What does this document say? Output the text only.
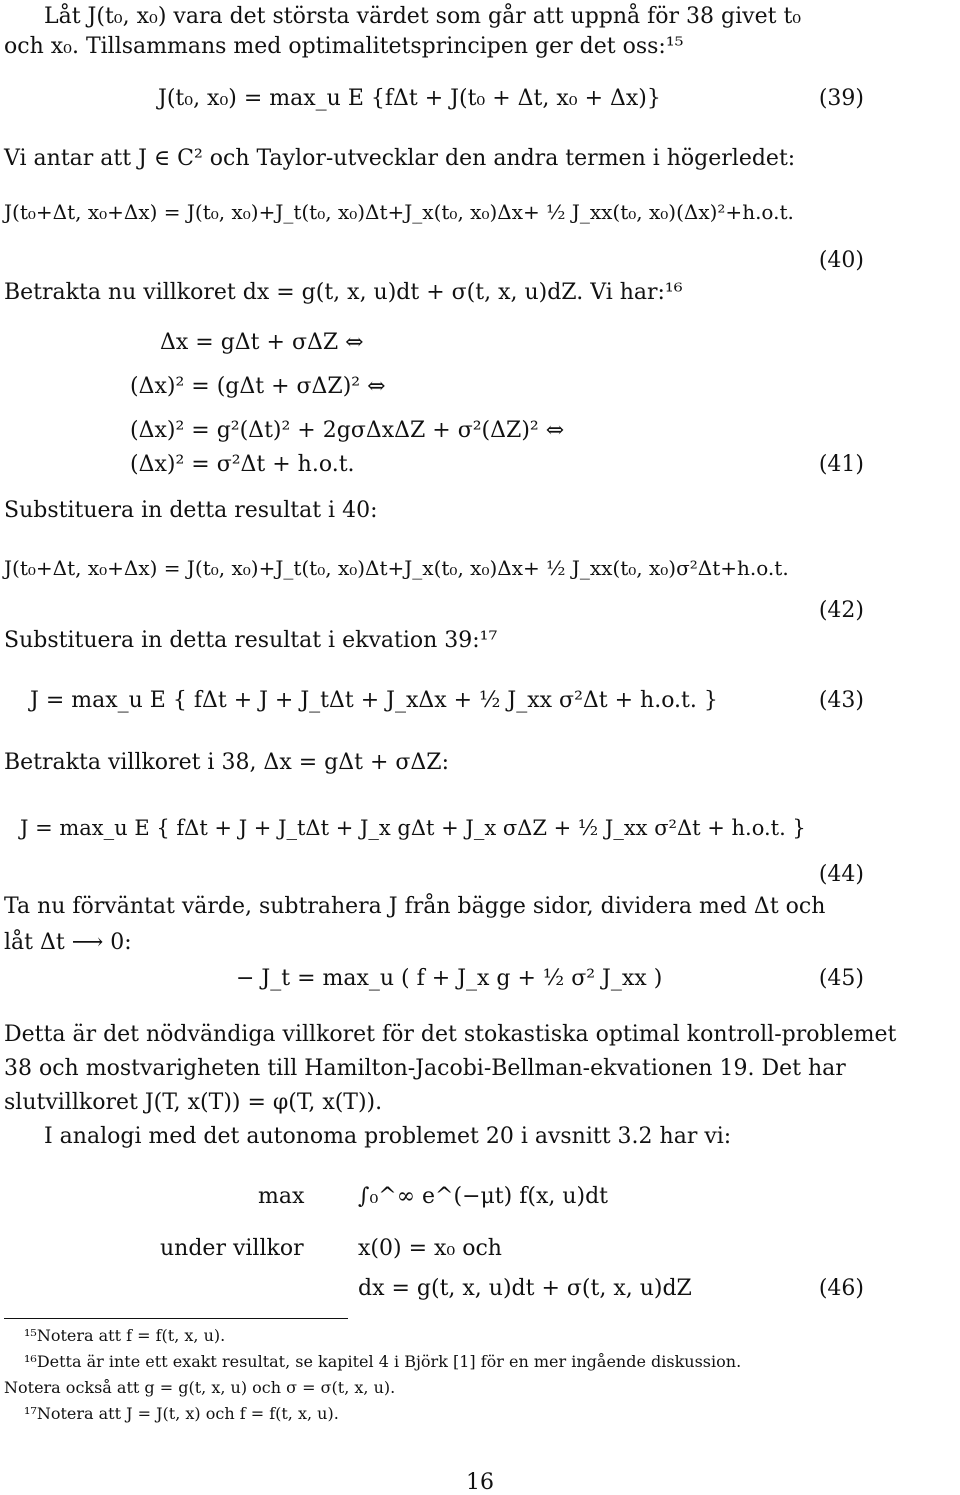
Låt J(t₀, x₀) vara det största värdet som går att uppnå för 38 givet t₀
och x₀. Tillsammans med optimalitetsprincipen ger det oss:¹⁵
J(t₀, x₀) = max_u E {fΔt + J(t₀ + Δt, x₀ + Δx)}	(39)
Vi antar att J ∈ C² och Taylor-utvecklar den andra termen i högerledet:
J(t₀+Δt, x₀+Δx) = J(t₀, x₀)+J_t(t₀, x₀)Δt+J_x(t₀, x₀)Δx+ ½ J_xx(t₀, x₀)(Δx)²+h.o.t.
(40)
Betrakta nu villkoret dx = g(t, x, u)dt + σ(t, x, u)dZ. Vi har:¹⁶
Δx = gΔt + σΔZ ⇔
(Δx)² = (gΔt + σΔZ)² ⇔
(Δx)² = g²(Δt)² + 2gσΔxΔZ + σ²(ΔZ)² ⇔
(Δx)² = σ²Δt + h.o.t.	(41)
Substituera in detta resultat i 40:
J(t₀+Δt, x₀+Δx) = J(t₀, x₀)+J_t(t₀, x₀)Δt+J_x(t₀, x₀)Δx+ ½ J_xx(t₀, x₀)σ²Δt+h.o.t.
(42)
Substituera in detta resultat i ekvation 39:¹⁷
J = max_u E { fΔt + J + J_tΔt + J_xΔx + ½ J_xx σ²Δt + h.o.t. }	(43)
Betrakta villkoret i 38, Δx = gΔt + σΔZ:
J = max_u E { fΔt + J + J_tΔt + J_x gΔt + J_x σΔZ + ½ J_xx σ²Δt + h.o.t. }
(44)
Ta nu förväntat värde, subtrahera J från bägge sidor, dividera med Δt och
låt Δt ⟶ 0:
− J_t = max_u ( f + J_x g + ½ σ² J_xx )	(45)
Detta är det nödvändiga villkoret för det stokastiska optimal kontroll-problemet
38 och mostvarigheten till Hamilton-Jacobi-Bellman-ekvationen 19. Det har
slutvillkoret J(T, x(T)) = φ(T, x(T)).
I analogi med det autonoma problemet 20 i avsnitt 3.2 har vi:
max ∫₀^∞ e^(−μt) f(x, u)dt
under villkor x(0) = x₀ och
dx = g(t, x, u)dt + σ(t, x, u)dZ	(46)
¹⁵Notera att f = f(t, x, u).
¹⁶Detta är inte ett exakt resultat, se kapitel 4 i Björk [1] för en mer ingående diskussion.
Notera också att g = g(t, x, u) och σ = σ(t, x, u).
¹⁷Notera att J = J(t, x) och f = f(t, x, u).
16
